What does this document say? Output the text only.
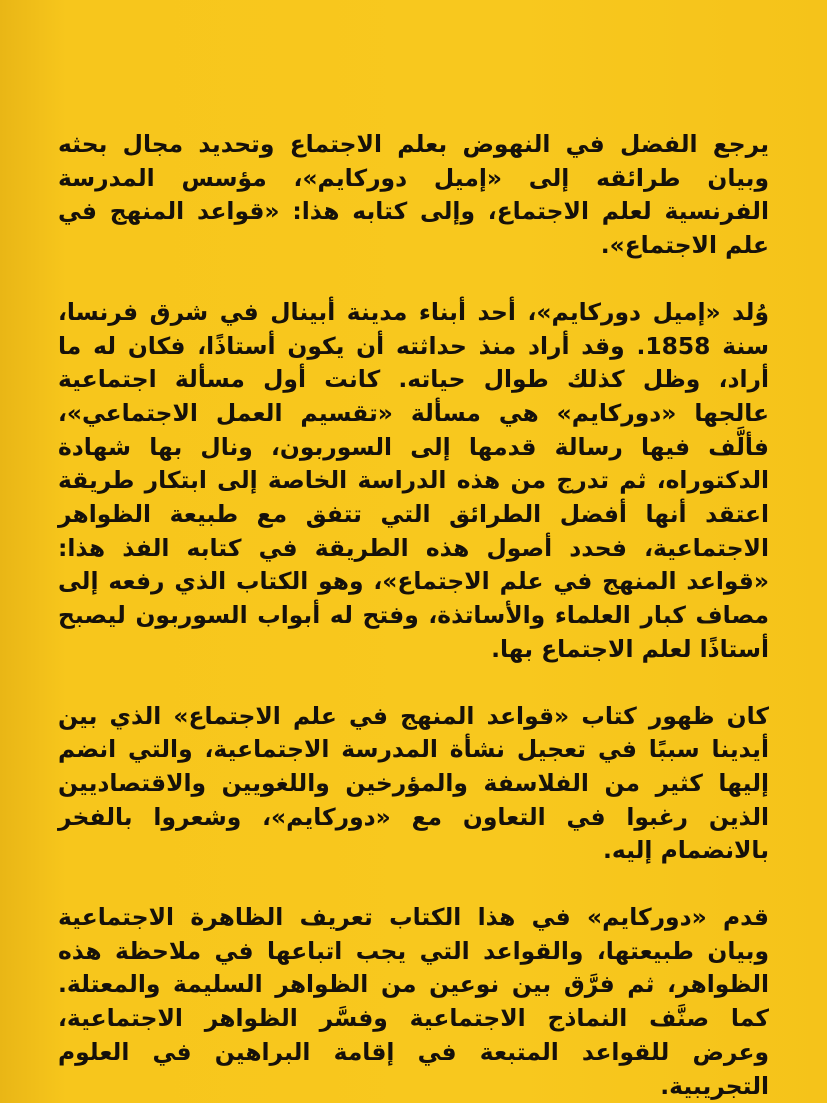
يرجع الفضل في النهوض بعلم الاجتماع وتحديد مجال بحثه وبيان طرائقه إلى «إميل دوركايم»، مؤسس المدرسة الفرنسية لعلم الاجتماع، وإلى كتابه هذا: «قواعد المنهج في علم الاجتماع».

وُلد «إميل دوركايم»، أحد أبناء مدينة أبينال في شرق فرنسا، سنة 1858. وقد أراد منذ حداثته أن يكون أستاذًا، فكان له ما أراد، وظل كذلك طوال حياته. كانت أول مسألة اجتماعية عالجها «دوركايم» هي مسألة «تقسيم العمل الاجتماعي»، فألَّف فيها رسالة قدمها إلى السوربون، ونال بها شهادة الدكتوراه، ثم تدرج من هذه الدراسة الخاصة إلى ابتكار طريقة اعتقد أنها أفضل الطرائق التي تتفق مع طبيعة الظواهر الاجتماعية، فحدد أصول هذه الطريقة في كتابه الفذ هذا: «قواعد المنهج في علم الاجتماع»، وهو الكتاب الذي رفعه إلى مصاف كبار العلماء والأساتذة، وفتح له أبواب السوربون ليصبح أستاذًا لعلم الاجتماع بها.

كان ظهور كتاب «قواعد المنهج في علم الاجتماع» الذي بين أيدينا سببًا في تعجيل نشأة المدرسة الاجتماعية، والتي انضم إليها كثير من الفلاسفة والمؤرخين واللغويين والاقتصاديين الذين رغبوا في التعاون مع «دوركايم»، وشعروا بالفخر بالانضمام إليه.

قدم «دوركايم» في هذا الكتاب تعريف الظاهرة الاجتماعية وبيان طبيعتها، والقواعد التي يجب اتباعها في ملاحظة هذه الظواهر، ثم فرَّق بين نوعين من الظواهر السليمة والمعتلة. كما صنَّف النماذج الاجتماعية وفسَّر الظواهر الاجتماعية، وعرض للقواعد المتبعة في إقامة البراهين في العلوم التجريبية.
